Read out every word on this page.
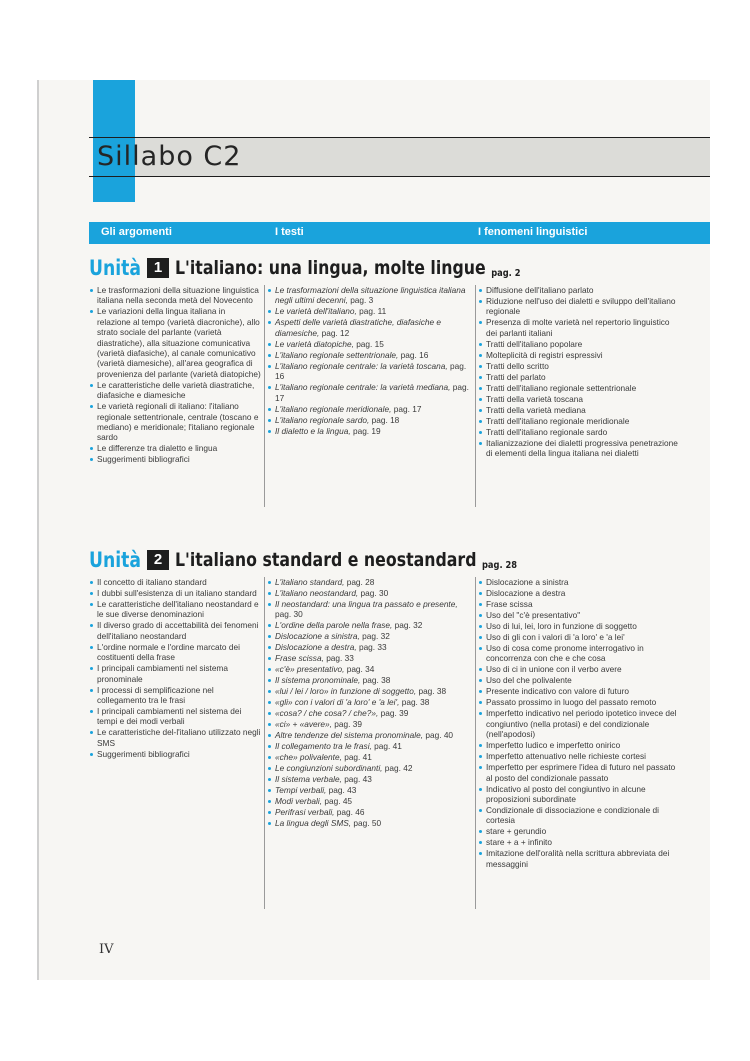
Sillabo C2
Gli argomenti	I testi	I fenomeni linguistici
Unità 1 L'italiano: una lingua, molte lingue pag. 2
Le trasformazioni della situazione linguistica italiana nella seconda metà del Novecento
Le variazioni della lingua italiana in relazione al tempo (varietà diacroniche), allo strato sociale del parlante (varietà diastratiche), alla situazione comunicativa (varietà diafasiche), al canale comunicativo (varietà diamesiche), all'area geografica di provenienza del parlante (varietà diatopiche)
Le caratteristiche delle varietà diastratiche, diafasiche e diamesiche
Le varietà regionali di italiano: l'italiano regionale settentrionale, centrale (toscano e mediano) e meridionale; l'italiano regionale sardo
Le differenze tra dialetto e lingua
Suggerimenti bibliografici
Le trasformazioni della situazione linguistica italiana negli ultimi decenni, pag. 3
Le varietà dell'italiano, pag. 11
Aspetti delle varietà diastratiche, diafasiche e diamesiche, pag. 12
Le varietà diatopiche, pag. 15
L'italiano regionale settentrionale, pag. 16
L'italiano regionale centrale: la varietà toscana, pag. 16
L'italiano regionale centrale: la varietà mediana, pag. 17
L'italiano regionale meridionale, pag. 17
L'italiano regionale sardo, pag. 18
Il dialetto e la lingua, pag. 19
Diffusione dell'italiano parlato
Riduzione nell'uso dei dialetti e sviluppo dell'italiano regionale
Presenza di molte varietà nel repertorio linguistico dei parlanti italiani
Tratti dell'italiano popolare
Molteplicità di registri espressivi
Tratti dello scritto
Tratti del parlato
Tratti dell'italiano regionale settentrionale
Tratti della varietà toscana
Tratti della varietà mediana
Tratti dell'italiano regionale meridionale
Tratti dell'italiano regionale sardo
Italianizzazione dei dialetti progressiva penetrazione di elementi della lingua italiana nei dialetti
Unità 2 L'italiano standard e neostandard pag. 28
Il concetto di italiano standard
I dubbi sull'esistenza di un italiano standard
Le caratteristiche dell'italiano neostandard e le sue diverse denominazioni
Il diverso grado di accettabilità dei fenomeni dell'italiano neostandard
L'ordine normale e l'ordine marcato dei costituenti della frase
I principali cambiamenti nel sistema pronominale
I processi di semplificazione nel collegamento tra le frasi
I principali cambiamenti nel sistema dei tempi e dei modi verbali
Le caratteristiche del-l'italiano utilizzato negli SMS
Suggerimenti bibliografici
L'italiano standard, pag. 28
L'italiano neostandard, pag. 30
Il neostandard: una lingua tra passato e presente, pag. 30
L'ordine della parole nella frase, pag. 32
Dislocazione a sinistra, pag. 32
Dislocazione a destra, pag. 33
Frase scissa, pag. 33
«c'è» presentativo, pag. 34
Il sistema pronominale, pag. 38
«lui / lei / loro» in funzione di soggetto, pag. 38
«gli» con i valori di 'a loro' e 'a lei', pag. 38
«cosa? / che cosa? / che?», pag. 39
«ci» + «avere», pag. 39
Altre tendenze del sistema pronominale, pag. 40
Il collegamento tra le frasi, pag. 41
«che» polivalente, pag. 41
Le congiunzioni subordinanti, pag. 42
Il sistema verbale, pag. 43
Tempi verbali, pag. 43
Modi verbali, pag. 45
Perifrasi verbali, pag. 46
La lingua degli SMS, pag. 50
Dislocazione a sinistra
Dislocazione a destra
Frase scissa
Uso del "c'è presentativo"
Uso di lui, lei, loro in funzione di soggetto
Uso di gli con i valori di 'a loro' e 'a lei'
Uso di cosa come pronome interrogativo in concorrenza con che e che cosa
Uso di ci in unione con il verbo avere
Uso del che polivalente
Presente indicativo con valore di futuro
Passato prossimo in luogo del passato remoto
Imperfetto indicativo nel periodo ipotetico invece del congiuntivo (nella protasi) e del condizionale (nell'apodosi)
Imperfetto ludico e imperfetto onirico
Imperfetto attenuativo nelle richieste cortesi
Imperfetto per esprimere l'idea di futuro nel passato al posto del condizionale passato
Indicativo al posto del congiuntivo in alcune proposizioni subordinate
Condizionale di dissociazione e condizionale di cortesia
stare + gerundio
stare + a + infinito
Imitazione dell'oralità nella scrittura abbreviata dei messaggini
IV
